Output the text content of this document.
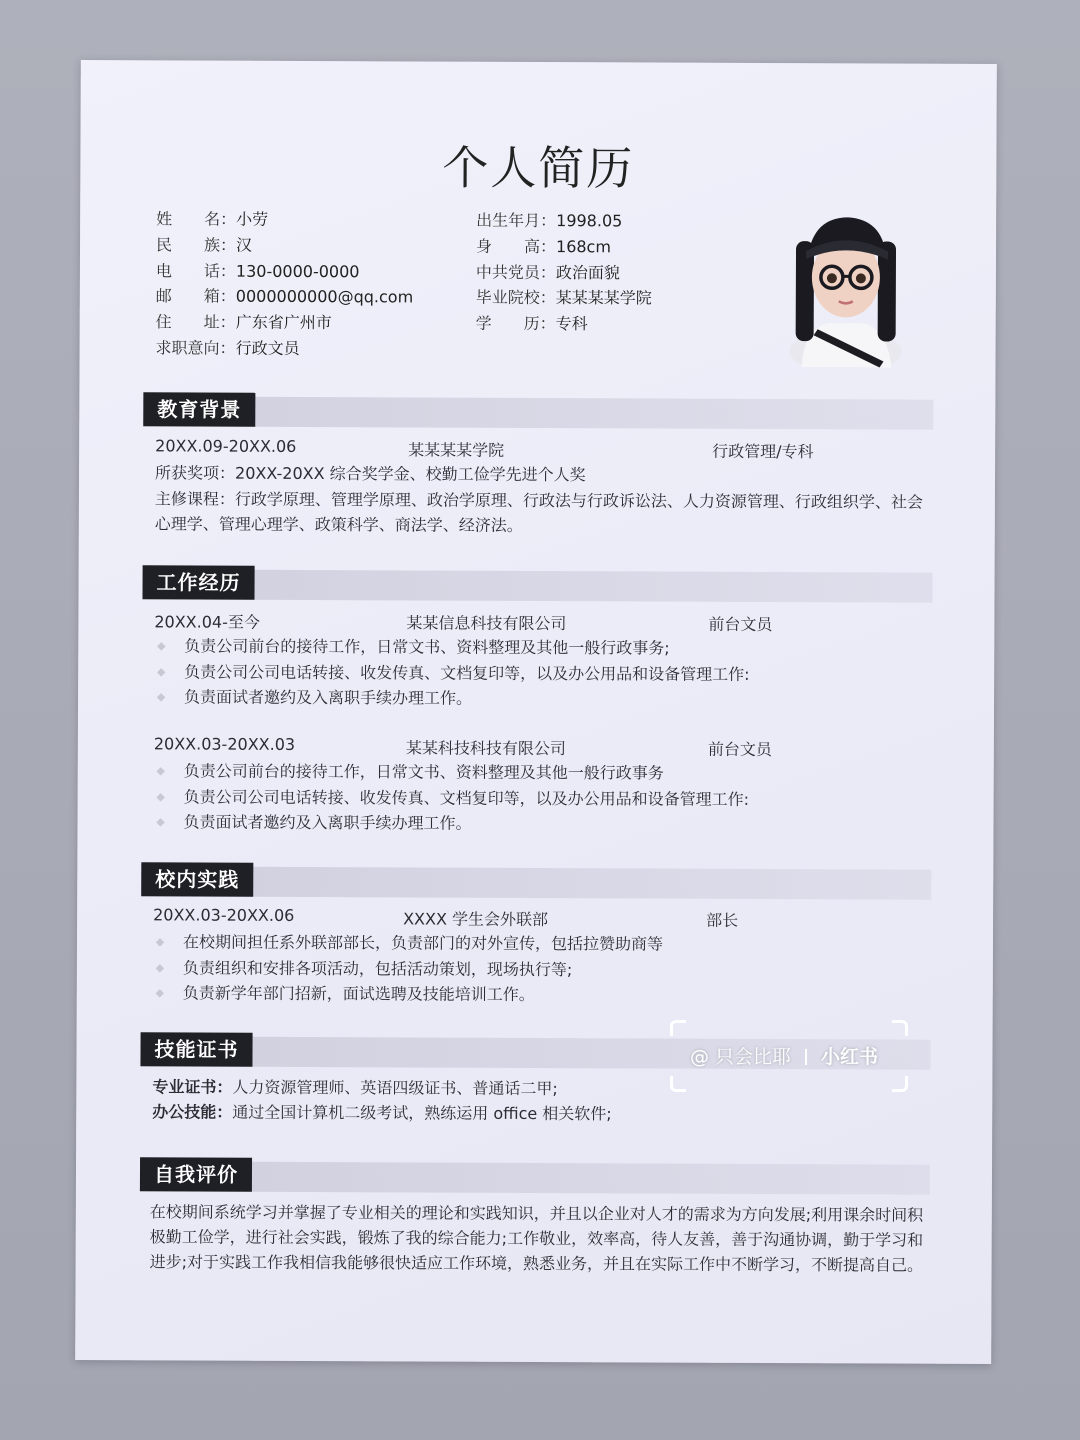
个人简历
姓　　名： 小劳
民　　族： 汉
电　　话： 130-0000-0000
邮　　箱： 0000000000@qq.com
住　　址： 广东省广州市
求职意向： 行政文员
出生年月： 1998.05
身　　高： 168cm
中共党员： 政治面貌
毕业院校： 某某某某学院
学　　历： 专科
教育背景
20XX.09-20XX.06	某某某某学院	行政管理/专科
所获奖项：20XX-20XX 综合奖学金、校勤工俭学先进个人奖
主修课程：行政学原理、管理学原理、政治学原理、行政法与行政诉讼法、人力资源管理、行政组织学、社会心理学、管理心理学、政策科学、商法学、经济法。
工作经历
20XX.04-至今	某某信息科技有限公司	前台文员
负责公司前台的接待工作，日常文书、资料整理及其他一般行政事务;
负责公司公司电话转接、收发传真、文档复印等，以及办公用品和设备管理工作:
负责面试者邀约及入离职手续办理工作。
20XX.03-20XX.03	某某科技科技有限公司	前台文员
负责公司前台的接待工作，日常文书、资料整理及其他一般行政事务
负责公司公司电话转接、收发传真、文档复印等，以及办公用品和设备管理工作:
负责面试者邀约及入离职手续办理工作。
校内实践
20XX.03-20XX.06	XXXX 学生会外联部	部长
在校期间担任系外联部部长，负责部门的对外宣传，包括拉赞助商等
负责组织和安排各项活动，包括活动策划，现场执行等;
负责新学年部门招新，面试选聘及技能培训工作。
技能证书
专业证书： 人力资源管理师、英语四级证书、普通话二甲;
办公技能： 通过全国计算机二级考试，熟练运用 office 相关软件;
自我评价
在校期间系统学习并掌握了专业相关的理论和实践知识，并且以企业对人才的需求为方向发展;利用课余时间积极勤工俭学，进行社会实践，锻炼了我的综合能力;工作敬业，效率高，待人友善，善于沟通协调，勤于学习和进步;对于实践工作我相信我能够很快适应工作环境，熟悉业务，并且在实际工作中不断学习，不断提高自己。
@ 只会比耶 小红书
